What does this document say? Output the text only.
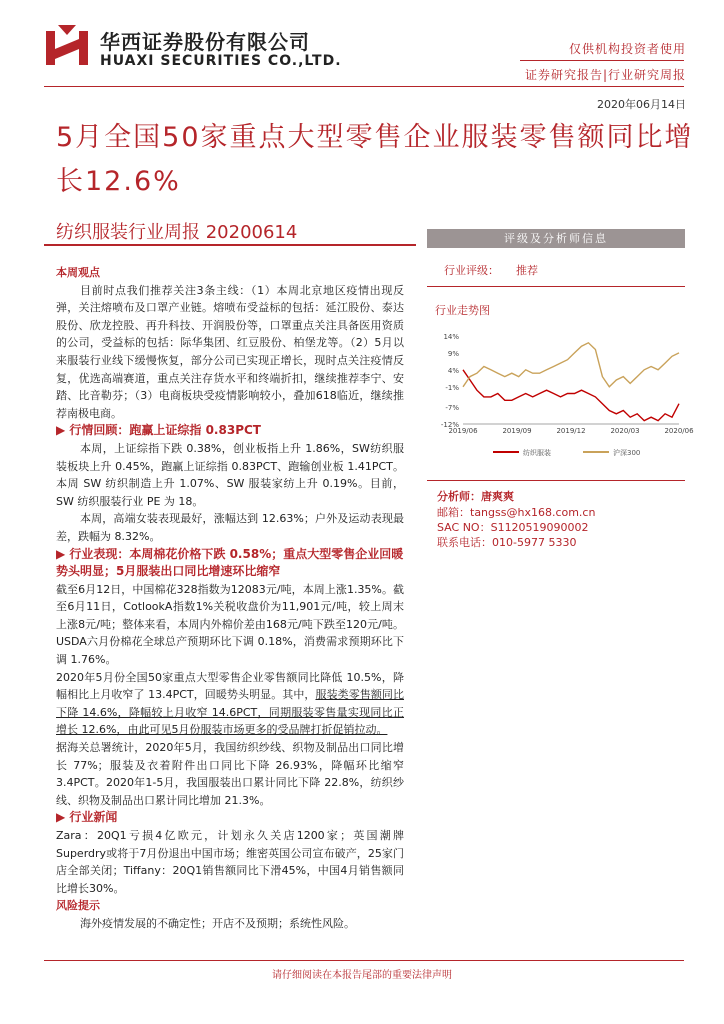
华西证券股份有限公司
HUAXI SECURITIES CO.,LTD.
仅供机构投资者使用
证券研究报告|行业研究周报
2020年06月14日
5月全国50家重点大型零售企业服装零售额同比增长12.6%
纺织服装行业周报 20200614	评级及分析师信息
行业评级： 推荐
行业走势图
14%
9%
4%
-1%
-7%
-12%
2019/06	2019/09	2019/12	2020/03	2020/06
纺织服装	沪深300
分析师：唐爽爽
邮箱：tangss@hx168.com.cn
SAC NO：S1120519090002
联系电话：010-5977 5330
本周观点

目前时点我们推荐关注3条主线：（1）本周北京地区疫情出现反弹，关注熔喷布及口罩产业链。熔喷布受益标的包括：延江股份、泰达股份、欣龙控股、再升科技、开润股份等，口罩重点关注具备医用资质的公司，受益标的包括：际华集团、红豆股份、柏堡龙等。（2）5月以来服装行业线下缓慢恢复，部分公司已实现正增长，现时点关注疫情反复，优选高端赛道，重点关注存货水平和终端折扣，继续推荐李宁、安踏、比音勒芬；（3）电商板块受疫情影响较小，叠加618临近，继续推荐南极电商。

▶ 行情回顾：跑赢上证综指 0.83PCT

本周，上证综指下跌 0.38%，创业板指上升 1.86%，SW纺织服装板块上升 0.45%，跑赢上证综指 0.83PCT、跑输创业板 1.41PCT。本周 SW 纺织制造上升 1.07%、SW 服装家纺上升 0.19%。目前，SW 纺织服装行业 PE 为 18。

本周，高端女装表现最好，涨幅达到 12.63%；户外及运动表现最差，跌幅为 8.32%。

▶ 行业表现：本周棉花价格下跌 0.58%；重点大型零售企业回暖势头明显；5月服装出口同比增速环比缩窄

截至6月12日，中国棉花328指数为12083元/吨，本周上涨1.35%。截至6月11日，CotlookA指数1%关税收盘价为11,901元/吨，较上周末上涨8元/吨；整体来看，本周内外棉价差由168元/吨下跌至120元/吨。USDA六月份棉花全球总产预期环比下调 0.18%，消费需求预期环比下调 1.76%。

2020年5月份全国50家重点大型零售企业零售额同比降低 10.5%，降幅相比上月收窄了 13.4PCT，回暖势头明显。其中，服装类零售额同比下降 14.6%，降幅较上月收窄 14.6PCT，同期服装零售量实现同比正增长 12.6%，由此可见5月份服装市场更多的受品牌打折促销拉动。

据海关总署统计，2020年5月，我国纺织纱线、织物及制品出口同比增长 77%；服装及衣着附件出口同比下降 26.93%，降幅环比缩窄 3.4PCT。2020年1-5月，我国服装出口累计同比下降 22.8%，纺织纱线、织物及制品出口累计同比增加 21.3%。

▶ 行业新闻

Zara：20Q1亏损4亿欧元，计划永久关店1200家；英国潮牌Superdry或将于7月份退出中国市场；维密英国公司宣布破产，25家门店全部关闭；Tiffany：20Q1销售额同比下滑45%，中国4月销售额同比增长30%。

风险提示

海外疫情发展的不确定性；开店不及预期；系统性风险。

请仔细阅读在本报告尾部的重要法律声明
